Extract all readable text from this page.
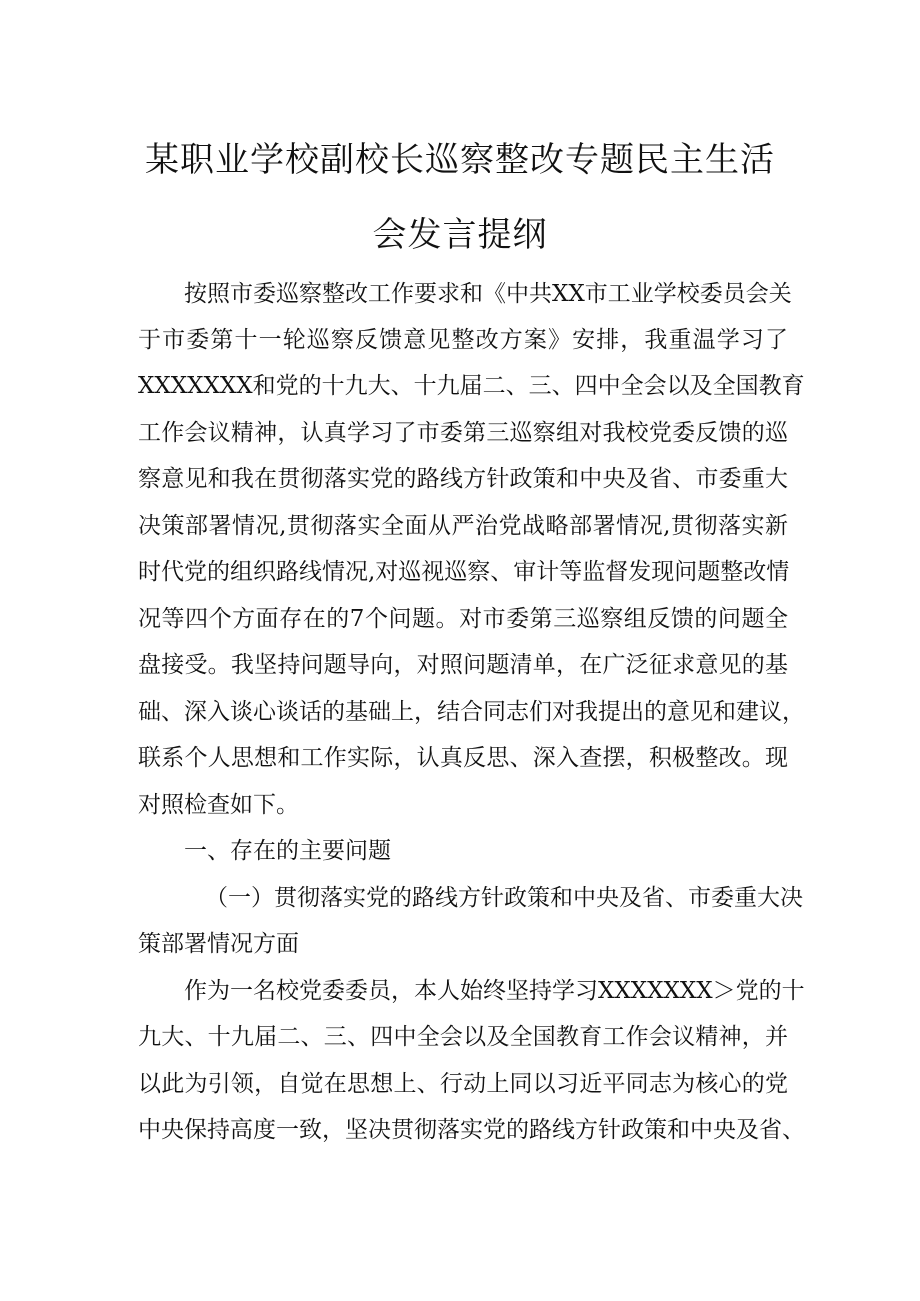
某职业学校副校长巡察整改专题民主生活
会发言提纲
按照市委巡察整改工作要求和《中共XX市工业学校委员会关
于市委第十一轮巡察反馈意见整改方案》安排，我重温学习了
XXXXXXX和党的十九大、十九届二、三、四中全会以及全国教育
工作会议精神，认真学习了市委第三巡察组对我校党委反馈的巡
察意见和我在贯彻落实党的路线方针政策和中央及省、市委重大
决策部署情况,贯彻落实全面从严治党战略部署情况,贯彻落实新
时代党的组织路线情况,对巡视巡察、审计等监督发现问题整改情
况等四个方面存在的7个问题。对市委第三巡察组反馈的问题全
盘接受。我坚持问题导向，对照问题清单，在广泛征求意见的基
础、深入谈心谈话的基础上，结合同志们对我提出的意见和建议，
联系个人思想和工作实际，认真反思、深入查摆，积极整改。现
对照检查如下。
一、存在的主要问题
（一）贯彻落实党的路线方针政策和中央及省、市委重大决
策部署情况方面
作为一名校党委委员，本人始终坚持学习XXXXXXX＞党的十
九大、十九届二、三、四中全会以及全国教育工作会议精神，并
以此为引领，自觉在思想上、行动上同以习近平同志为核心的党
中央保持高度一致，坚决贯彻落实党的路线方针政策和中央及省、
